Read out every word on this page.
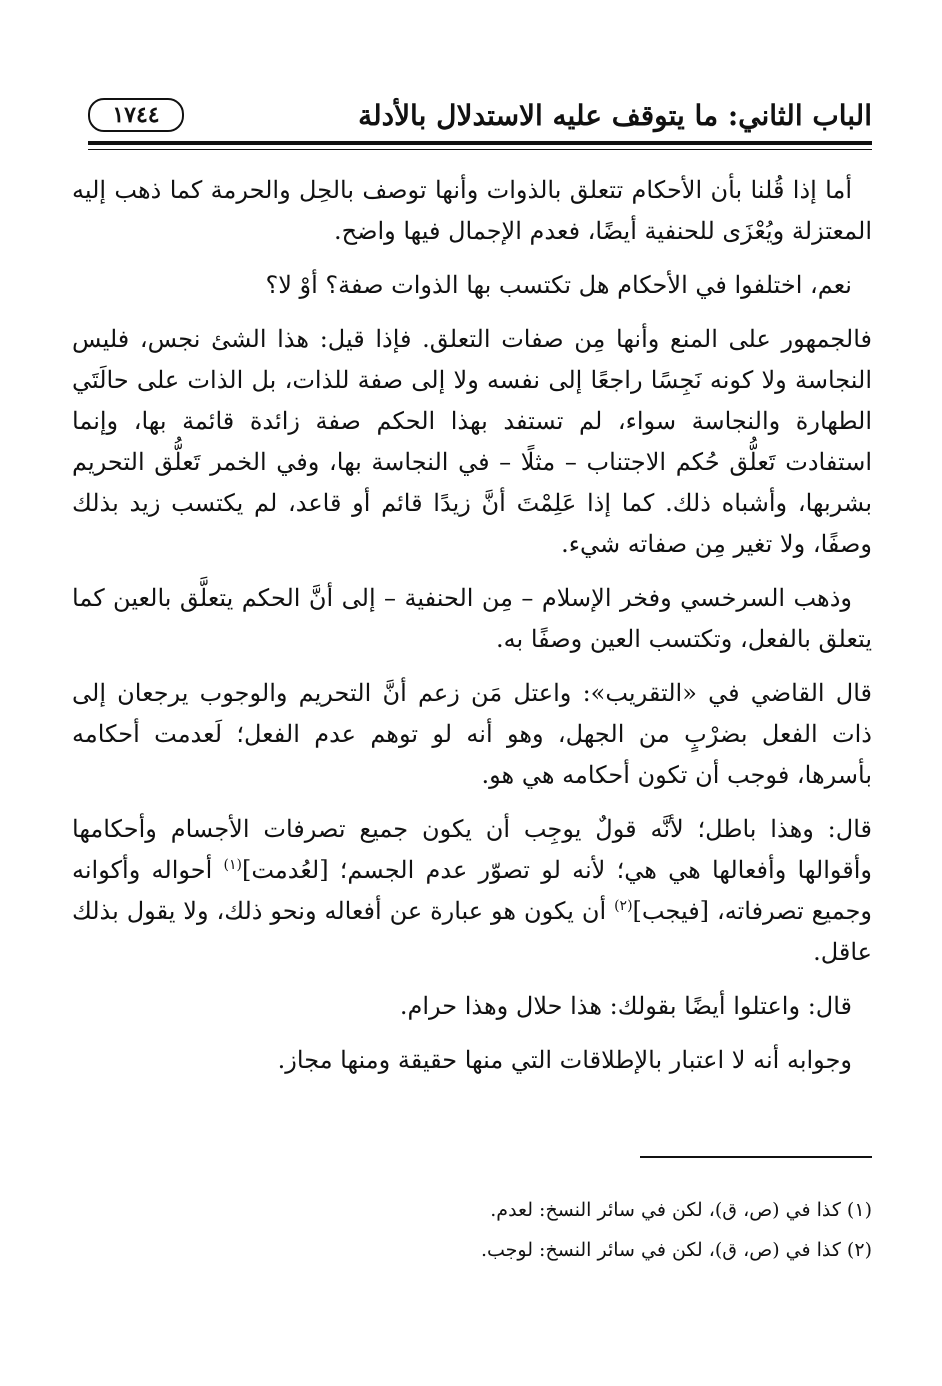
الباب الثاني: ما يتوقف عليه الاستدلال بالأدلة
١٧٤٤

أما إذا قُلنا بأن الأحكام تتعلق بالذوات وأنها توصف بالحِل والحرمة كما ذهب إليه المعتزلة ويُعْزَى للحنفية أيضًا، فعدم الإجمال فيها واضح.

نعم، اختلفوا في الأحكام هل تكتسب بها الذوات صفة؟ أوْ لا؟

فالجمهور على المنع وأنها مِن صفات التعلق. فإذا قيل: هذا الشئ نجس، فليس النجاسة ولا كونه نَجِسًا راجعًا إلى نفسه ولا إلى صفة للذات، بل الذات على حالَتَي الطهارة والنجاسة سواء، لم تستفد بهذا الحكم صفة زائدة قائمة بها، وإنما استفادت تَعلُّق حُكم الاجتناب – مثلًا – في النجاسة بها، وفي الخمر تَعلُّق التحريم بشربها، وأشباه ذلك. كما إذا عَلِمْتَ أنَّ زيدًا قائم أو قاعد، لم يكتسب زيد بذلك وصفًا، ولا تغير مِن صفاته شيء.

وذهب السرخسي وفخر الإسلام – مِن الحنفية – إلى أنَّ الحكم يتعلَّق بالعين كما يتعلق بالفعل، وتكتسب العين وصفًا به.

قال القاضي في «التقريب»: واعتل مَن زعم أنَّ التحريم والوجوب يرجعان إلى ذات الفعل بضرْبٍ من الجهل، وهو أنه لو توهم عدم الفعل؛ لَعدمت أحكامه بأسرها، فوجب أن تكون أحكامه هي هو.

قال: وهذا باطل؛ لأنَّه قولٌ يوجِب أن يكون جميع تصرفات الأجسام وأحكامها وأقوالها وأفعالها هي هي؛ لأنه لو تصوّر عدم الجسم؛ [لعُدمت]$^{(١)}$ أحواله وأكوانه وجميع تصرفاته، [فيجب]$^{(٢)}$ أن يكون هو عبارة عن أفعاله ونحو ذلك، ولا يقول بذلك عاقل.

قال: واعتلوا أيضًا بقولك: هذا حلال وهذا حرام.

وجوابه أنه لا اعتبار بالإطلاقات التي منها حقيقة ومنها مجاز.

(١) كذا في (ص، ق)، لكن في سائر النسخ: لعدم.

(٢) كذا في (ص، ق)، لكن في سائر النسخ: لوجب.
